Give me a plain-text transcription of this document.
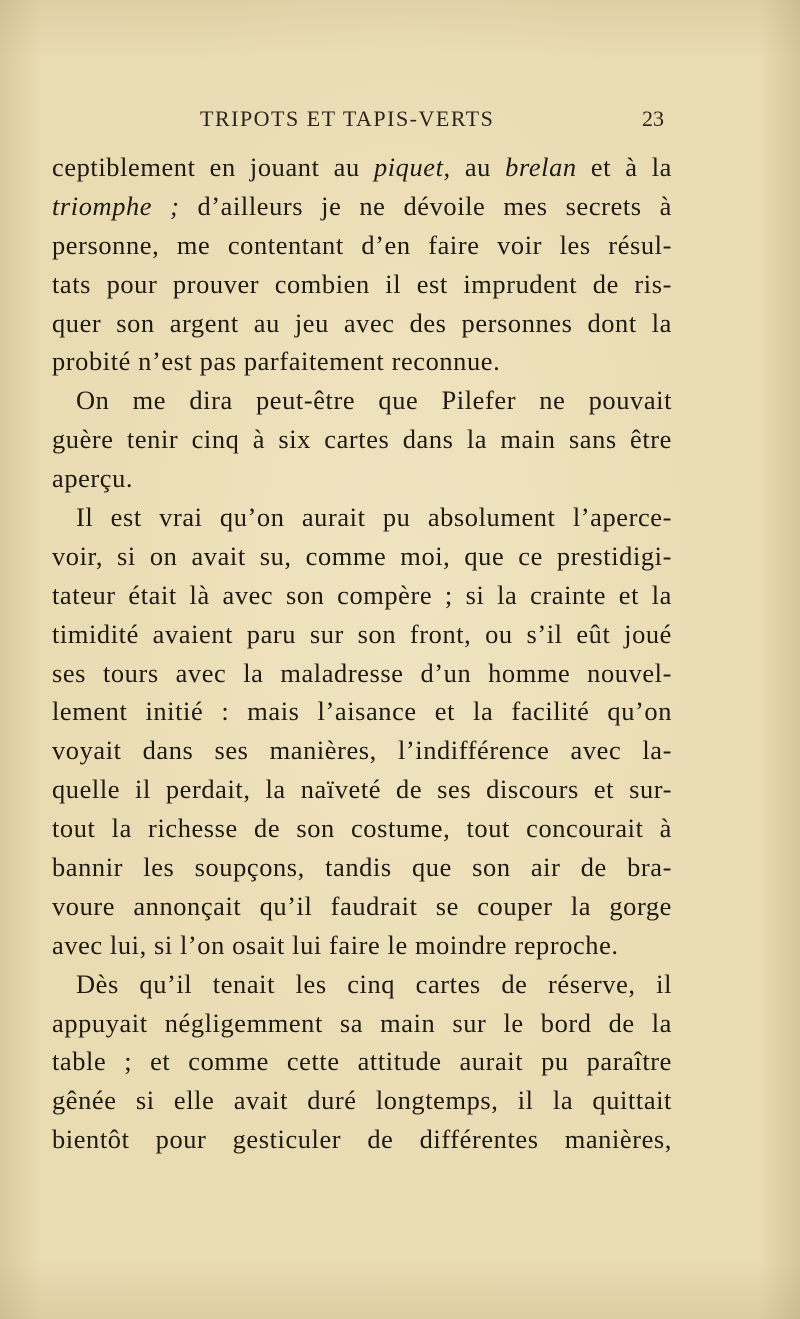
TRIPOTS ET TAPIS-VERTS	23
ceptiblement en jouant au piquet, au brelan et à la
triomphe ; d’ailleurs je ne dévoile mes secrets à
personne, me contentant d’en faire voir les résul-
tats pour prouver combien il est imprudent de ris-
quer son argent au jeu avec des personnes dont la
probité n’est pas parfaitement reconnue.
On me dira peut-être que Pilefer ne pouvait
guère tenir cinq à six cartes dans la main sans être
aperçu.
Il est vrai qu’on aurait pu absolument l’aperce-
voir, si on avait su, comme moi, que ce prestidigi-
tateur était là avec son compère ; si la crainte et la
timidité avaient paru sur son front, ou s’il eût joué
ses tours avec la maladresse d’un homme nouvel-
lement initié : mais l’aisance et la facilité qu’on
voyait dans ses manières, l’indifférence avec la-
quelle il perdait, la naïveté de ses discours et sur-
tout la richesse de son costume, tout concourait à
bannir les soupçons, tandis que son air de bra-
voure annonçait qu’il faudrait se couper la gorge
avec lui, si l’on osait lui faire le moindre reproche.
Dès qu’il tenait les cinq cartes de réserve, il
appuyait négligemment sa main sur le bord de la
table ; et comme cette attitude aurait pu paraître
gênée si elle avait duré longtemps, il la quittait
bientôt pour gesticuler de différentes manières,
